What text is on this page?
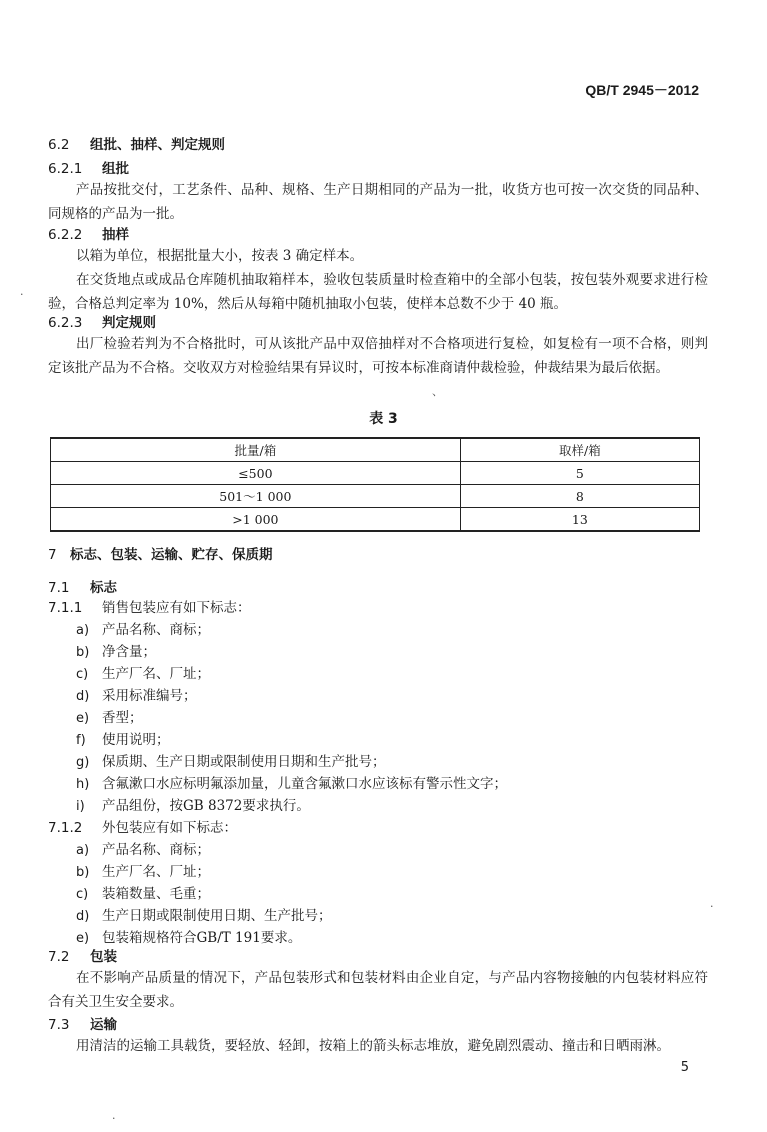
QB/T 2945－2012
6.2 组批、抽样、判定规则
6.2.1 组批

产品按批交付，工艺条件、品种、规格、生产日期相同的产品为一批，收货方也可按一次交货的同品种、同规格的产品为一批。

6.2.2 抽样

以箱为单位，根据批量大小，按表 3 确定样本。

在交货地点或成品仓库随机抽取箱样本，验收包装质量时检查箱中的全部小包装，按包装外观要求进行检验，合格总判定率为 10%，然后从每箱中随机抽取小包装，使样本总数不少于 40 瓶。

6.2.3 判定规则

出厂检验若判为不合格批时，可从该批产品中双倍抽样对不合格项进行复检，如复检有一项不合格，则判定该批产品为不合格。交收双方对检验结果有异议时，可按本标准商请仲裁检验，仲裁结果为最后依据。

表 3
批量/箱	取样/箱
≤500	5
501～1 000	8
>1 000	13
7 标志、包装、运输、贮存、保质期
7.1 标志
7.1.1 销售包装应有如下标志：
a) 产品名称、商标；
b) 净含量；
c) 生产厂名、厂址；
d) 采用标准编号；
e) 香型；
f) 使用说明；
g) 保质期、生产日期或限制使用日期和生产批号；
h) 含氟漱口水应标明氟添加量，儿童含氟漱口水应该标有警示性文字；
i) 产品组份，按GB 8372要求执行。
7.1.2 外包装应有如下标志：
a) 产品名称、商标；
b) 生产厂名、厂址；
c) 装箱数量、毛重；
d) 生产日期或限制使用日期、生产批号；
e) 包装箱规格符合GB/T 191要求。
7.2 包装

在不影响产品质量的情况下，产品包装形式和包装材料由企业自定，与产品内容物接触的内包装材料应符合有关卫生安全要求。

7.3 运输

用清洁的运输工具载货，要轻放、轻卸，按箱上的箭头标志堆放，避免剧烈震动、撞击和日晒雨淋。

5
、
·
·
·
